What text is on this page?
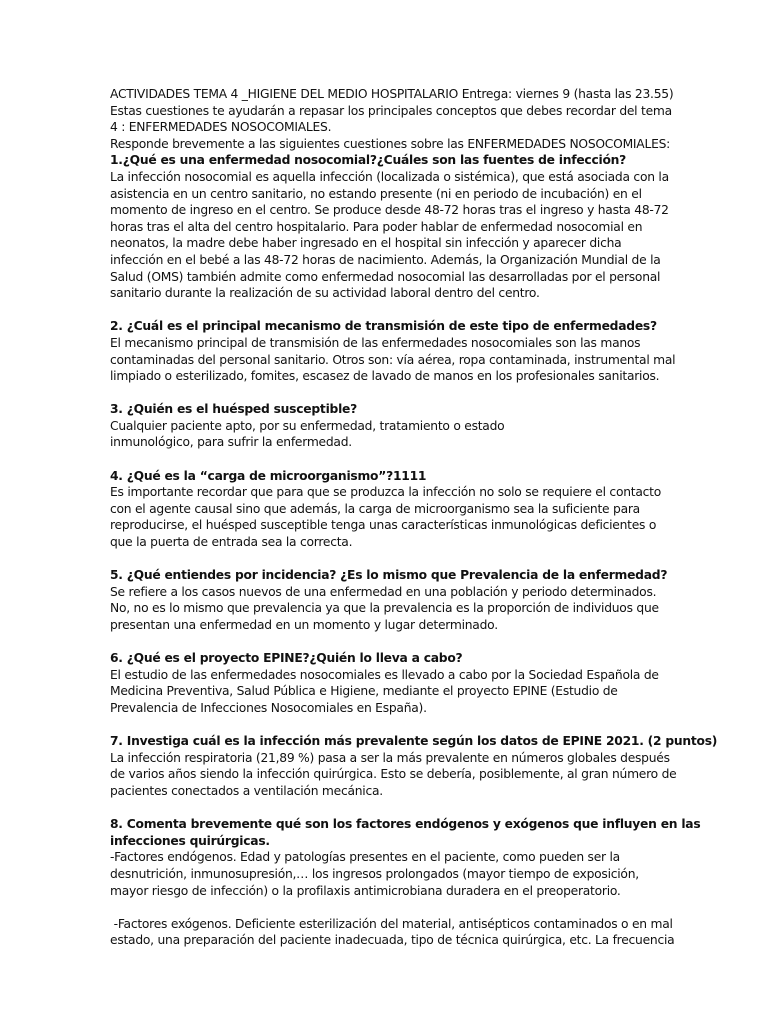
ACTIVIDADES TEMA 4 _HIGIENE DEL MEDIO HOSPITALARIO Entrega: viernes 9 (hasta las 23.55)
Estas cuestiones te ayudarán a repasar los principales conceptos que debes recordar del tema
4 : ENFERMEDADES NOSOCOMIALES.
Responde brevemente a las siguientes cuestiones sobre las ENFERMEDADES NOSOCOMIALES:
1.¿Qué es una enfermedad nosocomial?¿Cuáles son las fuentes de infección?
La infección nosocomial es aquella infección (localizada o sistémica), que está asociada con la
asistencia en un centro sanitario, no estando presente (ni en periodo de incubación) en el
momento de ingreso en el centro. Se produce desde 48-72 horas tras el ingreso y hasta 48-72
horas tras el alta del centro hospitalario. Para poder hablar de enfermedad nosocomial en
neonatos, la madre debe haber ingresado en el hospital sin infección y aparecer dicha
infección en el bebé a las 48-72 horas de nacimiento. Además, la Organización Mundial de la
Salud (OMS) también admite como enfermedad nosocomial las desarrolladas por el personal
sanitario durante la realización de su actividad laboral dentro del centro.
2. ¿Cuál es el principal mecanismo de transmisión de este tipo de enfermedades?
El mecanismo principal de transmisión de las enfermedades nosocomiales son las manos
contaminadas del personal sanitario. Otros son: vía aérea, ropa contaminada, instrumental mal
limpiado o esterilizado, fomites, escasez de lavado de manos en los profesionales sanitarios.
3. ¿Quién es el huésped susceptible?
Cualquier paciente apto, por su enfermedad, tratamiento o estado
inmunológico, para sufrir la enfermedad.
4. ¿Qué es la “carga de microorganismo”?1111
Es importante recordar que para que se produzca la infección no solo se requiere el contacto
con el agente causal sino que además, la carga de microorganismo sea la suficiente para
reproducirse, el huésped susceptible tenga unas características inmunológicas deficientes o
que la puerta de entrada sea la correcta.
5. ¿Qué entiendes por incidencia? ¿Es lo mismo que Prevalencia de la enfermedad?
Se refiere a los casos nuevos de una enfermedad en una población y periodo determinados.
No, no es lo mismo que prevalencia ya que la prevalencia es la proporción de individuos que
presentan una enfermedad en un momento y lugar determinado.
6. ¿Qué es el proyecto EPINE?¿Quién lo lleva a cabo?
El estudio de las enfermedades nosocomiales es llevado a cabo por la Sociedad Española de
Medicina Preventiva, Salud Pública e Higiene, mediante el proyecto EPINE (Estudio de
Prevalencia de Infecciones Nosocomiales en España).
7. Investiga cuál es la infección más prevalente según los datos de EPINE 2021. (2 puntos)
La infección respiratoria (21,89 %) pasa a ser la más prevalente en números globales después
de varios años siendo la infección quirúrgica. Esto se debería, posiblemente, al gran número de
pacientes conectados a ventilación mecánica.
8. Comenta brevemente qué son los factores endógenos y exógenos que influyen en las
infecciones quirúrgicas.
-Factores endógenos. Edad y patologías presentes en el paciente, como pueden ser la
desnutrición, inmunosupresión,… los ingresos prolongados (mayor tiempo de exposición,
mayor riesgo de infección) o la profilaxis antimicrobiana duradera en el preoperatorio.
-Factores exógenos. Deficiente esterilización del material, antisépticos contaminados o en mal
estado, una preparación del paciente inadecuada, tipo de técnica quirúrgica, etc. La frecuencia
